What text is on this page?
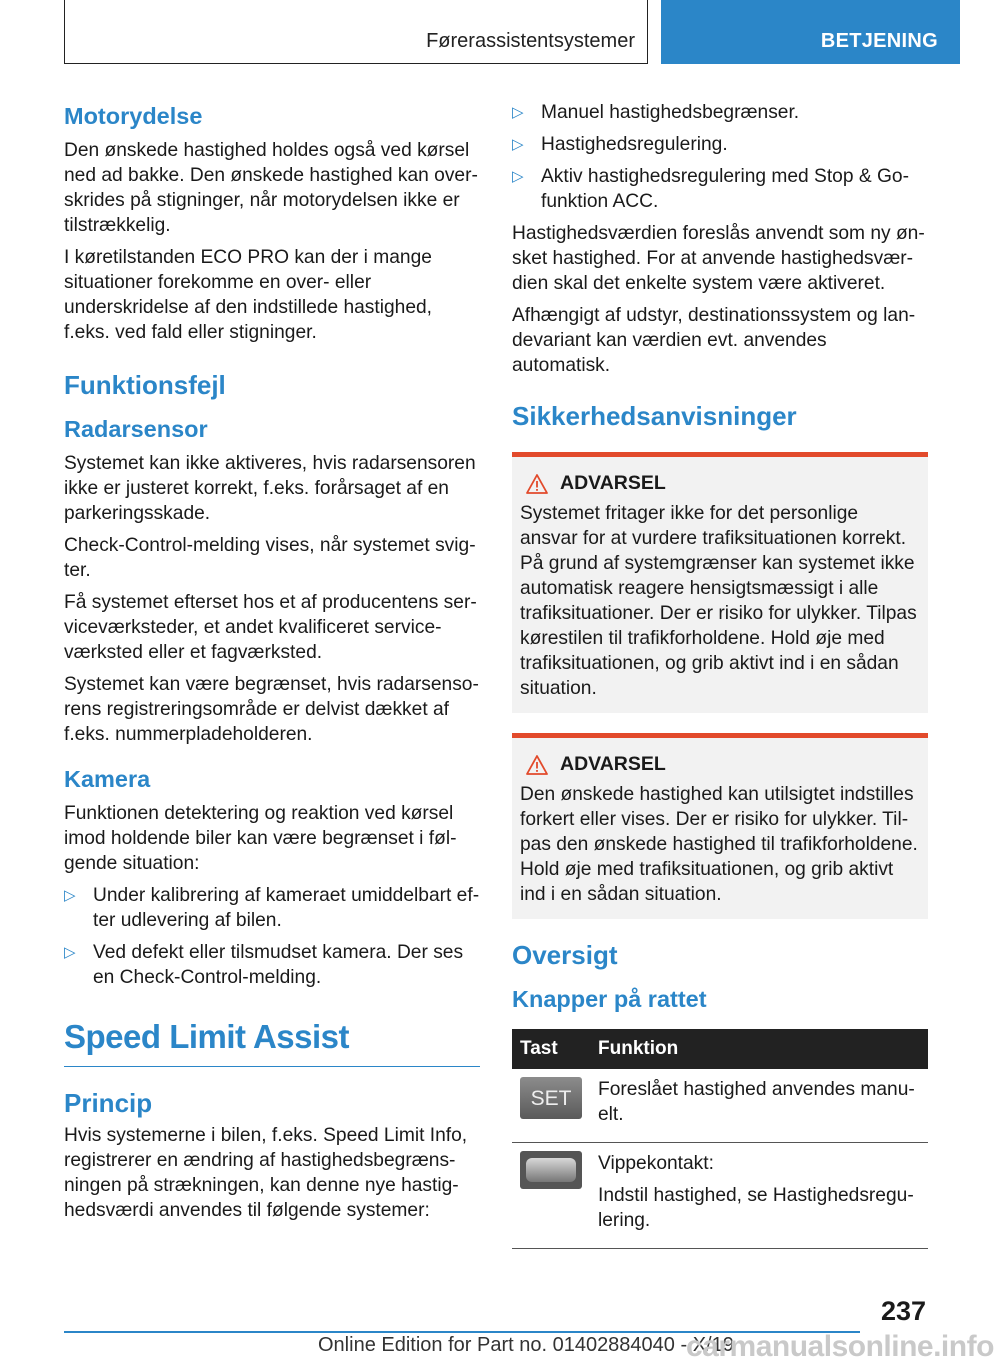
Førerassistentsystemer	BETJENING
Motorydelse

Den ønskede hastighed holdes også ved kørsel ned ad bakke. Den ønskede hastighed kan overskrides på stigninger, når motorydelsen ikke er tilstrækkelig.

I køretilstanden ECO PRO kan der i mange situationer forekomme en over- eller underskridelse af den indstillede hastighed, f.eks. ved fald eller stigninger.

Funktionsfejl
Radarsensor

Systemet kan ikke aktiveres, hvis radarsensoren ikke er justeret korrekt, f.eks. forårsaget af en parkeringsskade.

Check-Control-melding vises, når systemet svigter.

Få systemet efterset hos et af producentens serviceværksteder, et andet kvalificeret serviceværksted eller et fagværksted.

Systemet kan være begrænset, hvis radarsensorens registreringsområde er delvist dækket af f.eks. nummerpladeholderen.

Kamera

Funktionen detektering og reaktion ved kørsel imod holdende biler kan være begrænset i følgende situation:

▷ Under kalibrering af kameraet umiddelbart efter udlevering af bilen.
▷ Ved defekt eller tilsmudset kamera. Der ses en Check-Control-melding.
Speed Limit Assist
Princip

Hvis systemerne i bilen, f.eks. Speed Limit Info, registrerer en ændring af hastighedsbegrænsningen på strækningen, kan denne nye hastighedsværdi anvendes til følgende systemer:

▷ Manuel hastighedsbegrænser.
▷ Hastighedsregulering.
▷ Aktiv hastighedsregulering med Stop & Go-funktion ACC.

Hastighedsværdien foreslås anvendt som ny ønsket hastighed. For at anvende hastighedsværdien skal det enkelte system være aktiveret.

Afhængigt af udstyr, destinationssystem og landevariant kan værdien evt. anvendes automatisk.

Sikkerhedsanvisninger

ADVARSEL

Systemet fritager ikke for det personlige ansvar for at vurdere trafiksituationen korrekt. På grund af systemgrænser kan systemet ikke automatisk reagere hensigtsmæssigt i alle trafiksituationer. Der er risiko for ulykker. Tilpas kørestilen til trafikforholdene. Hold øje med trafiksituationen, og grib aktivt ind i en sådan situation.

ADVARSEL

Den ønskede hastighed kan utilsigtet indstilles forkert eller vises. Der er risiko for ulykker. Tilpas den ønskede hastighed til trafikforholdene. Hold øje med trafiksituationen, og grib aktivt ind i en sådan situation.

Oversigt
Knapper på rattet
Tast	Funktion

SET	Foreslået hastighed anvendes manuelt.

	Vippekontakt:

Indstil hastighed, se Hastighedsregulering.

237
Online Edition for Part no. 01402884040 - X/19
carmanualsonline.info
